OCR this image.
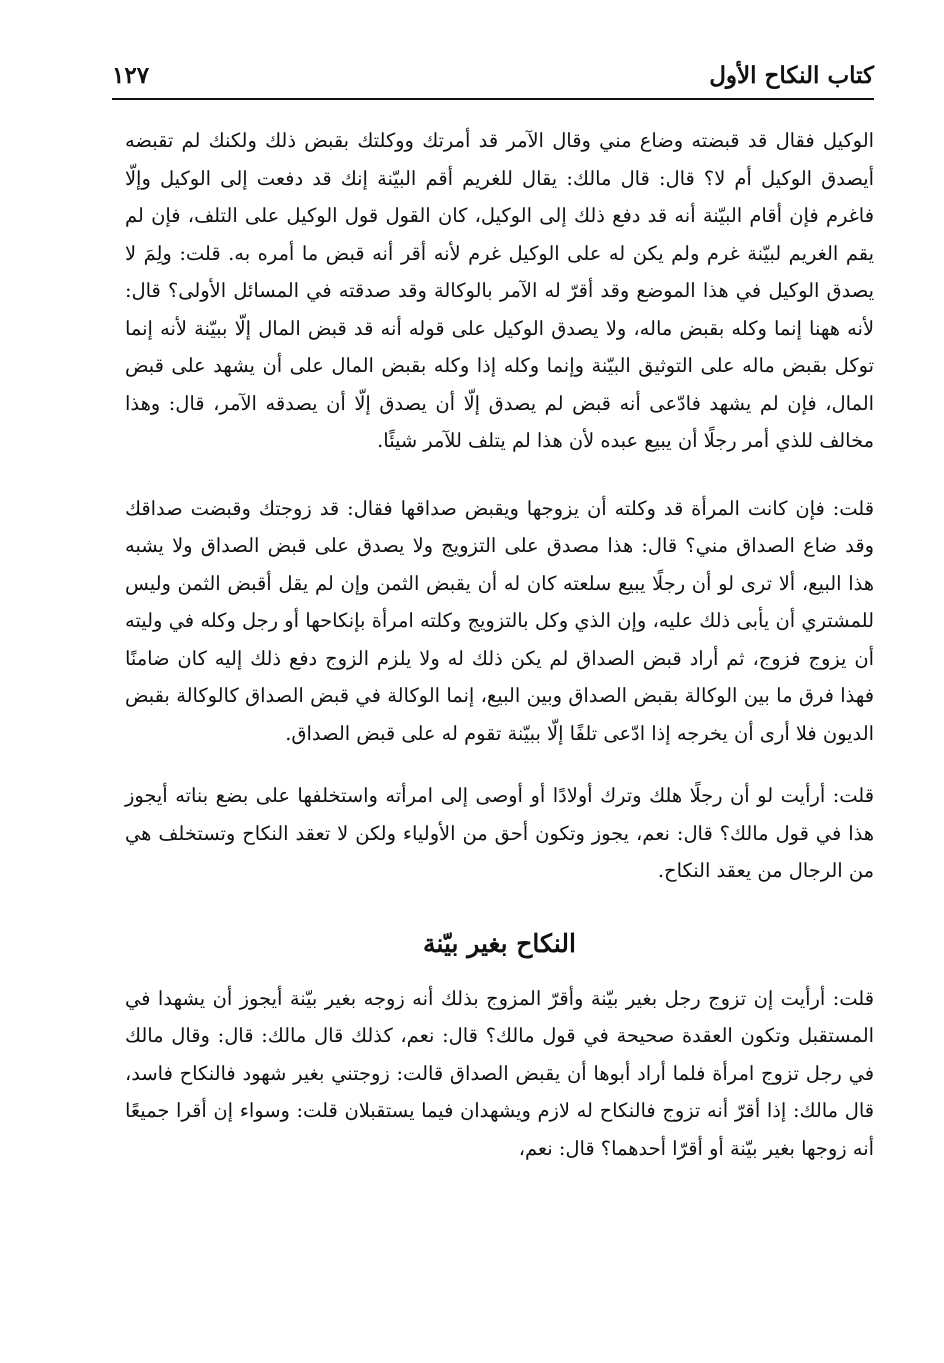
كتاب النكاح الأول
١٢٧

الوكيل فقال قد قبضته وضاع مني وقال الآمر قد أمرتك ووكلتك بقبض ذلك ولكنك لم تقبضه أيصدق الوكيل أم لا؟ قال: قال مالك: يقال للغريم أقم البيّنة إنك قد دفعت إلى الوكيل وإلّا فاغرم فإن أقام البيّنة أنه قد دفع ذلك إلى الوكيل، كان القول قول الوكيل على التلف، فإن لم يقم الغريم لبيّنة غرم ولم يكن له على الوكيل غرم لأنه أقر أنه قبض ما أمره به. قلت: ولِمَ لا يصدق الوكيل في هذا الموضع وقد أقرّ له الآمر بالوكالة وقد صدقته في المسائل الأولى؟ قال: لأنه ههنا إنما وكله بقبض ماله، ولا يصدق الوكيل على قوله أنه قد قبض المال إلّا ببيّنة لأنه إنما توكل بقبض ماله على التوثيق البيّنة وإنما وكله إذا وكله بقبض المال على أن يشهد على قبض المال، فإن لم يشهد فادّعى أنه قبض لم يصدق إلّا أن يصدق إلّا أن يصدقه الآمر، قال: وهذا مخالف للذي أمر رجلًا أن يبيع عبده لأن هذا لم يتلف للآمر شيئًا.

قلت: فإن كانت المرأة قد وكلته أن يزوجها ويقبض صداقها فقال: قد زوجتك وقبضت صداقك وقد ضاع الصداق مني؟ قال: هذا مصدق على التزويج ولا يصدق على قبض الصداق ولا يشبه هذا البيع، ألا ترى لو أن رجلًا يبيع سلعته كان له أن يقبض الثمن وإن لم يقل أقبض الثمن وليس للمشتري أن يأبى ذلك عليه، وإن الذي وكل بالتزويج وكلته امرأة بإنكاحها أو رجل وكله في وليته أن يزوج فزوج، ثم أراد قبض الصداق لم يكن ذلك له ولا يلزم الزوج دفع ذلك إليه كان ضامنًا فهذا فرق ما بين الوكالة بقبض الصداق وبين البيع، إنما الوكالة في قبض الصداق كالوكالة بقبض الديون فلا أرى أن يخرجه إذا ادّعى تلفًا إلّا ببيّنة تقوم له على قبض الصداق.

قلت: أرأيت لو أن رجلًا هلك وترك أولادًا أو أوصى إلى امرأته واستخلفها على بضع بناته أيجوز هذا في قول مالك؟ قال: نعم، يجوز وتكون أحق من الأولياء ولكن لا تعقد النكاح وتستخلف هي من الرجال من يعقد النكاح.

النكاح بغير بيّنة

قلت: أرأيت إن تزوج رجل بغير بيّنة وأقرّ المزوج بذلك أنه زوجه بغير بيّنة أيجوز أن يشهدا في المستقبل وتكون العقدة صحيحة في قول مالك؟ قال: نعم، كذلك قال مالك: قال: وقال مالك في رجل تزوج امرأة فلما أراد أبوها أن يقبض الصداق قالت: زوجتني بغير شهود فالنكاح فاسد، قال مالك: إذا أقرّ أنه تزوج فالنكاح له لازم ويشهدان فيما يستقبلان قلت: وسواء إن أقرا جميعًا أنه زوجها بغير بيّنة أو أقرّا أحدهما؟ قال: نعم،
